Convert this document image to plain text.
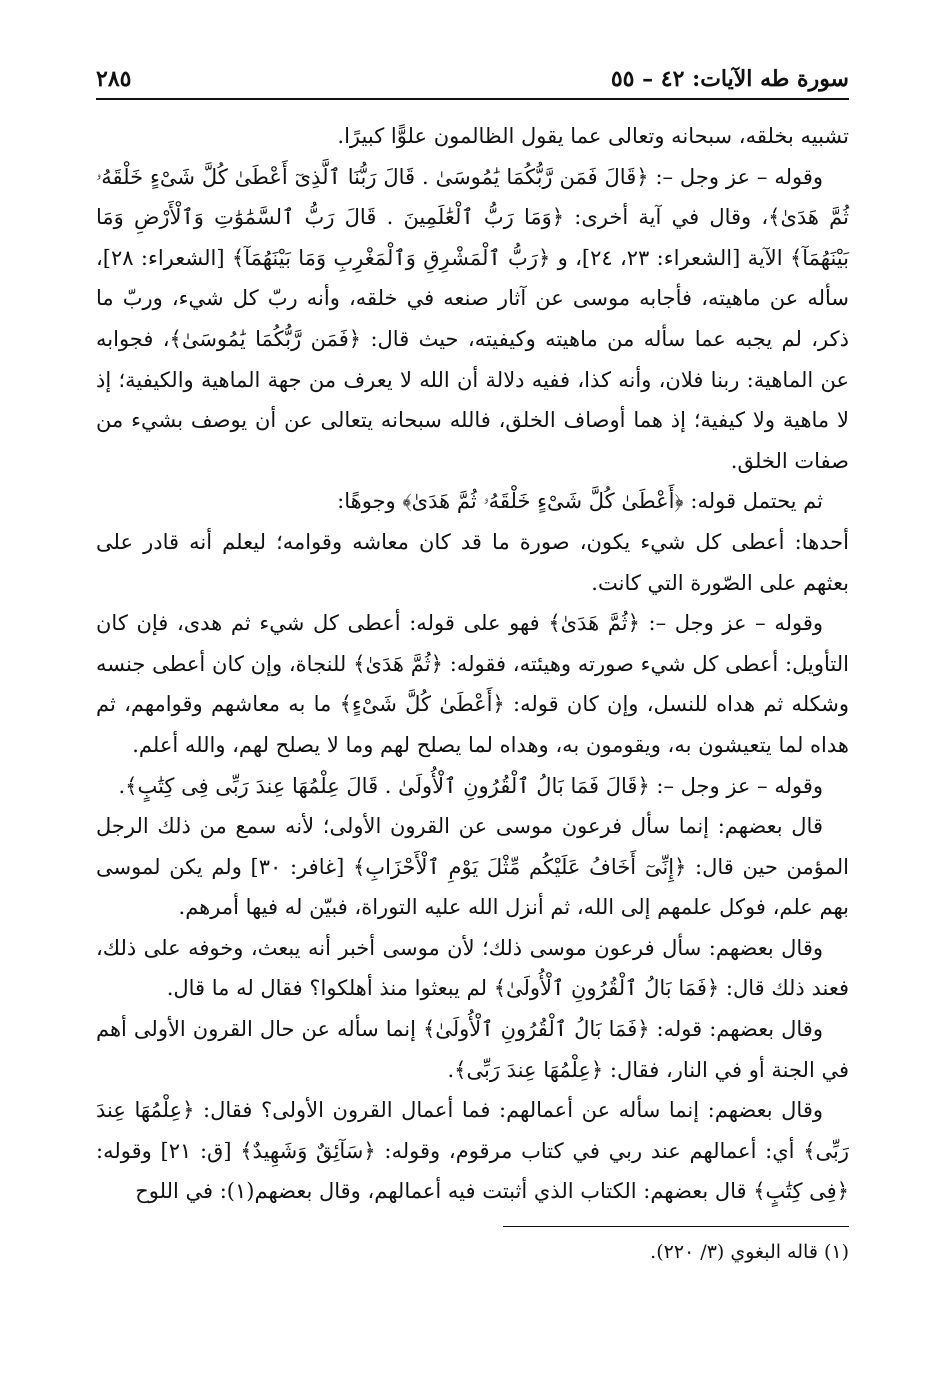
سورة طه الآيات: ٤٢ – ٥٥
٢٨٥

تشبيه بخلقه، سبحانه وتعالى عما يقول الظالمون علوًّا كبيرًا.

وقوله – عز وجل –: ﴿قَالَ فَمَن رَّبُّكُمَا يَٰمُوسَىٰ . قَالَ رَبُّنَا ٱلَّذِىٓ أَعْطَىٰ كُلَّ شَىْءٍ خَلْقَهُۥ ثُمَّ هَدَىٰ﴾، وقال في آية أخرى: ﴿وَمَا رَبُّ ٱلْعَٰلَمِينَ . قَالَ رَبُّ ٱلسَّمَٰوَٰتِ وَٱلْأَرْضِ وَمَا بَيْنَهُمَآ﴾ الآية [الشعراء: ٢٣، ٢٤]، و ﴿رَبُّ ٱلْمَشْرِقِ وَٱلْمَغْرِبِ وَمَا بَيْنَهُمَآ﴾ [الشعراء: ٢٨]، سأله عن ماهيته، فأجابه موسى عن آثار صنعه في خلقه، وأنه ربّ كل شيء، وربّ ما ذكر، لم يجبه عما سأله من ماهيته وكيفيته، حيث قال: ﴿فَمَن رَّبُّكُمَا يَٰمُوسَىٰ﴾، فجوابه عن الماهية: ربنا فلان، وأنه كذا، ففيه دلالة أن الله لا يعرف من جهة الماهية والكيفية؛ إذ لا ماهية ولا كيفية؛ إذ هما أوصاف الخلق، فالله سبحانه يتعالى عن أن يوصف بشيء من صفات الخلق.

ثم يحتمل قوله: ﴿أَعْطَىٰ كُلَّ شَىْءٍ خَلْقَهُۥ ثُمَّ هَدَىٰ﴾ وجوهًا:

أحدها: أعطى كل شيء يكون، صورة ما قد كان معاشه وقوامه؛ ليعلم أنه قادر على بعثهم على الصّورة التي كانت.

وقوله – عز وجل –: ﴿ثُمَّ هَدَىٰ﴾ فهو على قوله: أعطى كل شيء ثم هدى، فإن كان التأويل: أعطى كل شيء صورته وهيئته، فقوله: ﴿ثُمَّ هَدَىٰ﴾ للنجاة، وإن كان أعطى جنسه وشكله ثم هداه للنسل، وإن كان قوله: ﴿أَعْطَىٰ كُلَّ شَىْءٍ﴾ ما به معاشهم وقوامهم، ثم هداه لما يتعيشون به، ويقومون به، وهداه لما يصلح لهم وما لا يصلح لهم، والله أعلم.

وقوله – عز وجل –: ﴿قَالَ فَمَا بَالُ ٱلْقُرُونِ ٱلْأُولَىٰ . قَالَ عِلْمُهَا عِندَ رَبِّى فِى كِتَٰبٍ﴾.

قال بعضهم: إنما سأل فرعون موسى عن القرون الأولى؛ لأنه سمع من ذلك الرجل المؤمن حين قال: ﴿إِنِّىٓ أَخَافُ عَلَيْكُم مِّثْلَ يَوْمِ ٱلْأَحْزَابِ﴾ [غافر: ٣٠] ولم يكن لموسى بهم علم، فوكل علمهم إلى الله، ثم أنزل الله عليه التوراة، فبيّن له فيها أمرهم.

وقال بعضهم: سأل فرعون موسى ذلك؛ لأن موسى أخبر أنه يبعث، وخوفه على ذلك، فعند ذلك قال: ﴿فَمَا بَالُ ٱلْقُرُونِ ٱلْأُولَىٰ﴾ لم يبعثوا منذ أهلكوا؟ فقال له ما قال.

وقال بعضهم: قوله: ﴿فَمَا بَالُ ٱلْقُرُونِ ٱلْأُولَىٰ﴾ إنما سأله عن حال القرون الأولى أهم في الجنة أو في النار، فقال: ﴿عِلْمُهَا عِندَ رَبِّى﴾.

وقال بعضهم: إنما سأله عن أعمالهم: فما أعمال القرون الأولى؟ فقال: ﴿عِلْمُهَا عِندَ رَبِّى﴾ أي: أعمالهم عند ربي في كتاب مرقوم، وقوله: ﴿سَآئِقٌ وَشَهِيدٌ﴾ [ق: ٢١] وقوله: ﴿فِى كِتَٰبٍ﴾ قال بعضهم: الكتاب الذي أثبتت فيه أعمالهم، وقال بعضهم(١): في اللوح

(١) قاله البغوي (٣/ ٢٢٠).
